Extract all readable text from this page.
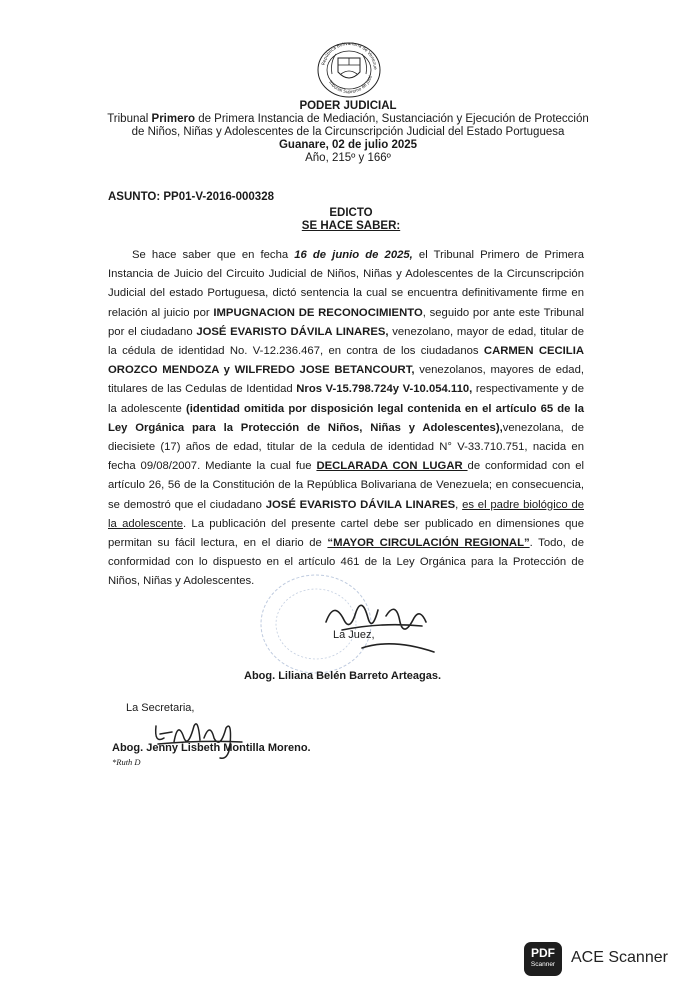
República Bolivariana de Venezue
Tribunal Supremo de Justi
PODER JUDICIAL
Tribunal Primero de Primera Instancia de Mediación, Sustanciación y Ejecución de Protección
de Niños, Niñas y Adolescentes de la Circunscripción Judicial del Estado Portuguesa
Guanare, 02 de julio 2025
Año, 215º y 166º
ASUNTO: PP01-V-2016-000328
EDICTO
SE HACE SABER:
Se hace saber que en fecha 16 de junio de 2025, el Tribunal Primero de Primera Instancia de Juicio del Circuito Judicial de Niños, Niñas y Adolescentes de la Circunscripción Judicial del estado Portuguesa, dictó sentencia la cual se encuentra definitivamente firme en relación al juicio por IMPUGNACION DE RECONOCIMIENTO, seguido por ante este Tribunal por el ciudadano JOSÉ EVARISTO DÁVILA LINARES, venezolano, mayor de edad, titular de la cédula de identidad No. V-12.236.467, en contra de los ciudadanos CARMEN CECILIA OROZCO MENDOZA y WILFREDO JOSE BETANCOURT, venezolanos, mayores de edad, titulares de las Cedulas de Identidad Nros V-15.798.724y V-10.054.110, respectivamente y de la adolescente (identidad omitida por disposición legal contenida en el artículo 65 de la Ley Orgánica para la Protección de Niños, Niñas y Adolescentes),venezolana, de diecisiete (17) años de edad, titular de la cedula de identidad N° V-33.710.751, nacida en fecha 09/08/2007. Mediante la cual fue DECLARADA CON LUGAR de conformidad con el artículo 26, 56 de la Constitución de la República Bolivariana de Venezuela; en consecuencia, se demostró que el ciudadano JOSÉ EVARISTO DÁVILA LINARES, es el padre biológico de la adolescente. La publicación del presente cartel debe ser publicado en dimensiones que permitan su fácil lectura, en el diario de “MAYOR CIRCULACIÓN REGIONAL”. Todo, de conformidad con lo dispuesto en el artículo 461 de la Ley Orgánica para la Protección de Niños, Niñas y Adolescentes.
La Juez,
Abog. Liliana Belén Barreto Arteagas.
La Secretaria,
Abog. Jenny Lisbeth Montilla Moreno.
*Ruth D
PDF
Scanner ACE Scanner
